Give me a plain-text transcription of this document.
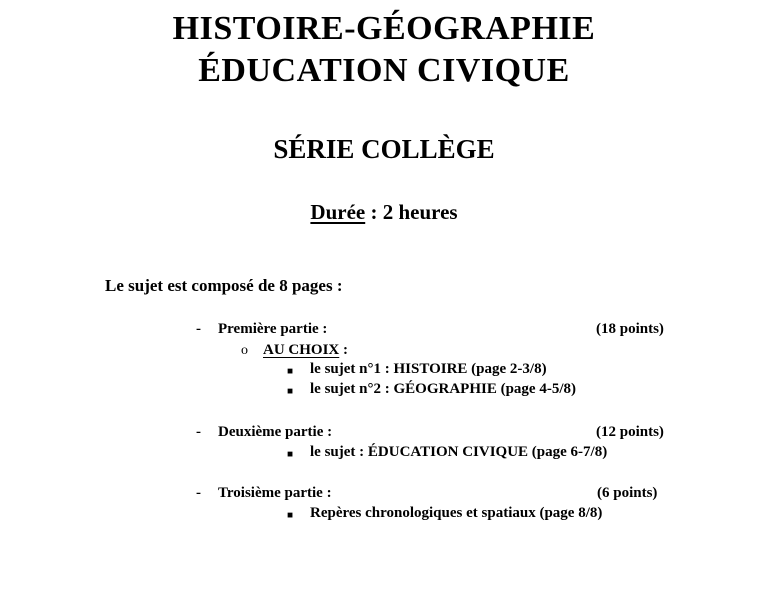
HISTOIRE-GÉOGRAPHIE
ÉDUCATION CIVIQUE
SÉRIE COLLÈGE
Durée : 2 heures
Le sujet est composé de 8 pages :
- Première partie :	(18 points)
o AU CHOIX :
■ le sujet n°1 : HISTOIRE (page 2-3/8)
■ le sujet n°2 : GÉOGRAPHIE (page 4-5/8)
- Deuxième partie :	(12 points)
■ le sujet : ÉDUCATION CIVIQUE (page 6-7/8)
- Troisième partie :	(6 points)
■ Repères chronologiques et spatiaux (page 8/8)
